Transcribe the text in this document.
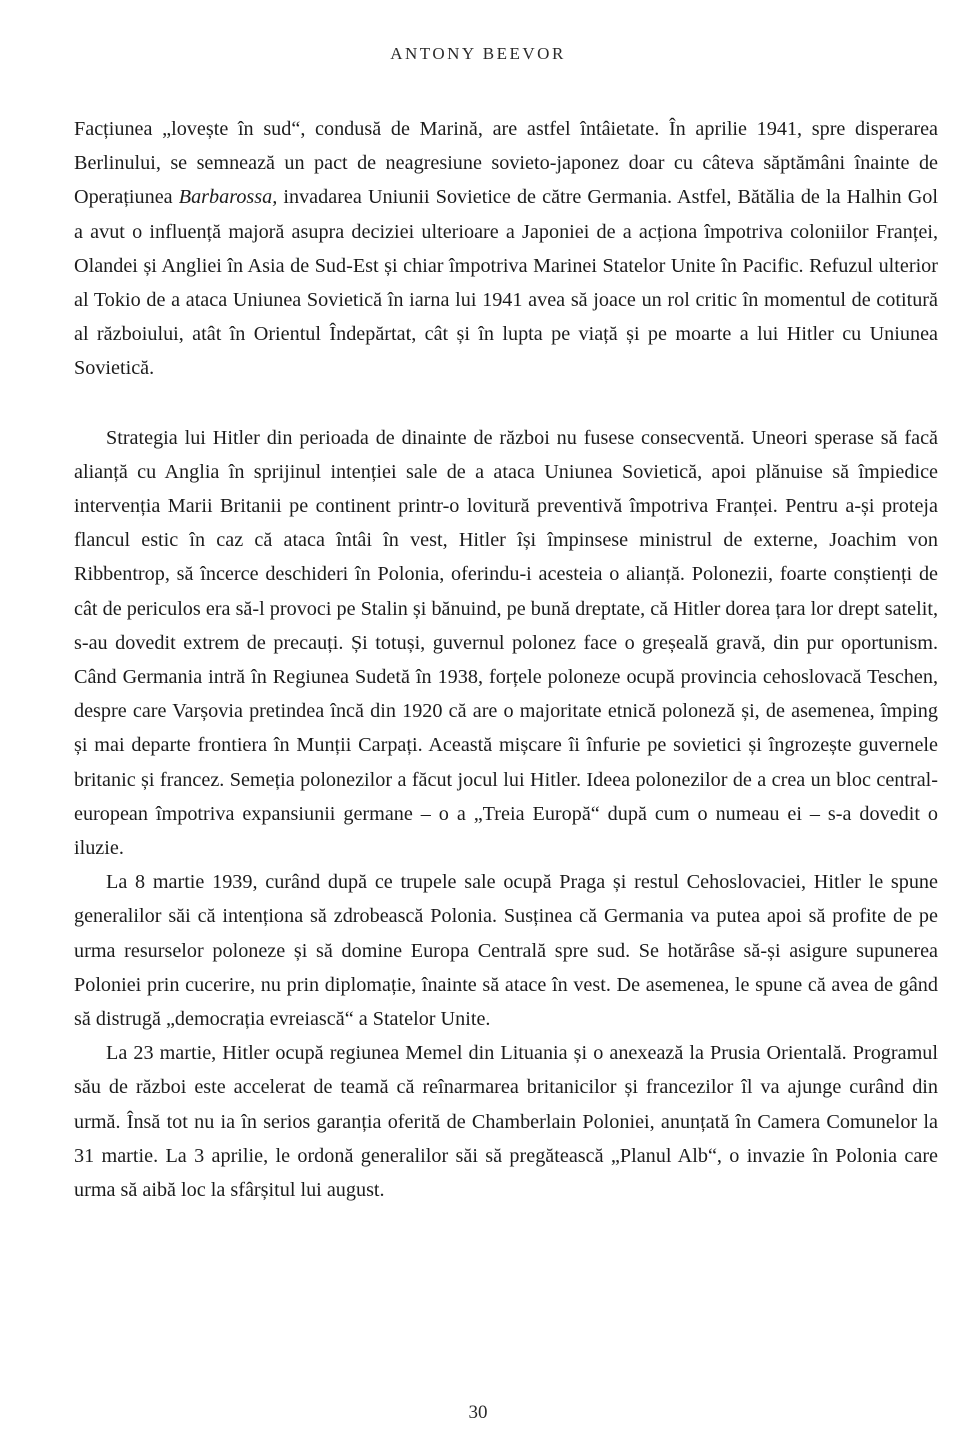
ANTONY BEEVOR

Facțiunea „lovește în sud“, condusă de Marină, are astfel întâietate. În aprilie 1941, spre disperarea Berlinului, se semnează un pact de neagresiune sovieto-japonez doar cu câteva săptămâni înainte de Operațiunea Barbarossa, invadarea Uniunii Sovietice de către Germania. Astfel, Bătălia de la Halhin Gol a avut o influență majoră asupra deciziei ulterioare a Japoniei de a acționa împotriva coloniilor Franței, Olandei și Angliei în Asia de Sud-Est și chiar împotriva Marinei Statelor Unite în Pacific. Refuzul ulterior al Tokio de a ataca Uniunea Sovietică în iarna lui 1941 avea să joace un rol critic în momentul de cotitură al războiului, atât în Orientul Îndepărtat, cât și în lupta pe viață și pe moarte a lui Hitler cu Uniunea Sovietică.

Strategia lui Hitler din perioada de dinainte de război nu fusese consecventă. Uneori sperase să facă alianță cu Anglia în sprijinul intenției sale de a ataca Uniunea Sovietică, apoi plănuise să împiedice intervenția Marii Britanii pe continent printr-o lovitură preventivă împotriva Franței. Pentru a-și proteja flancul estic în caz că ataca întâi în vest, Hitler își împinsese ministrul de externe, Joachim von Ribbentrop, să încerce deschideri în Polonia, oferindu-i acesteia o alianță. Polonezii, foarte conștienți de cât de periculos era să-l provoci pe Stalin și bănuind, pe bună dreptate, că Hitler dorea țara lor drept satelit, s-au dovedit extrem de precauți. Și totuși, guvernul polonez face o greșeală gravă, din pur oportunism. Când Germania intră în Regiunea Sudetă în 1938, forțele poloneze ocupă provincia cehoslovacă Teschen, despre care Varșovia pretindea încă din 1920 că are o majoritate etnică poloneză și, de asemenea, împing și mai departe frontiera în Munții Carpați. Această mișcare îi înfurie pe sovietici și îngrozește guvernele britanic și francez. Semeția polonezilor a făcut jocul lui Hitler. Ideea polonezilor de a crea un bloc central-european împotriva expansiunii germane – o a „Treia Europă“ după cum o numeau ei – s-a dovedit o iluzie.

La 8 martie 1939, curând după ce trupele sale ocupă Praga și restul Cehoslovaciei, Hitler le spune generalilor săi că intenționa să zdrobească Polonia. Susținea că Germania va putea apoi să profite de pe urma resurselor poloneze și să domine Europa Centrală spre sud. Se hotărâse să-și asigure supunerea Poloniei prin cucerire, nu prin diplomație, înainte să atace în vest. De asemenea, le spune că avea de gând să distrugă „democrația evreiască“ a Statelor Unite.

La 23 martie, Hitler ocupă regiunea Memel din Lituania și o anexează la Prusia Orientală. Programul său de război este accelerat de teamă că reînarmarea britanicilor și francezilor îl va ajunge curând din urmă. Însă tot nu ia în serios garanția oferită de Chamberlain Poloniei, anunțată în Camera Comunelor la 31 martie. La 3 aprilie, le ordonă generalilor săi să pregătească „Planul Alb“, o invazie în Polonia care urma să aibă loc la sfârșitul lui august.

30
